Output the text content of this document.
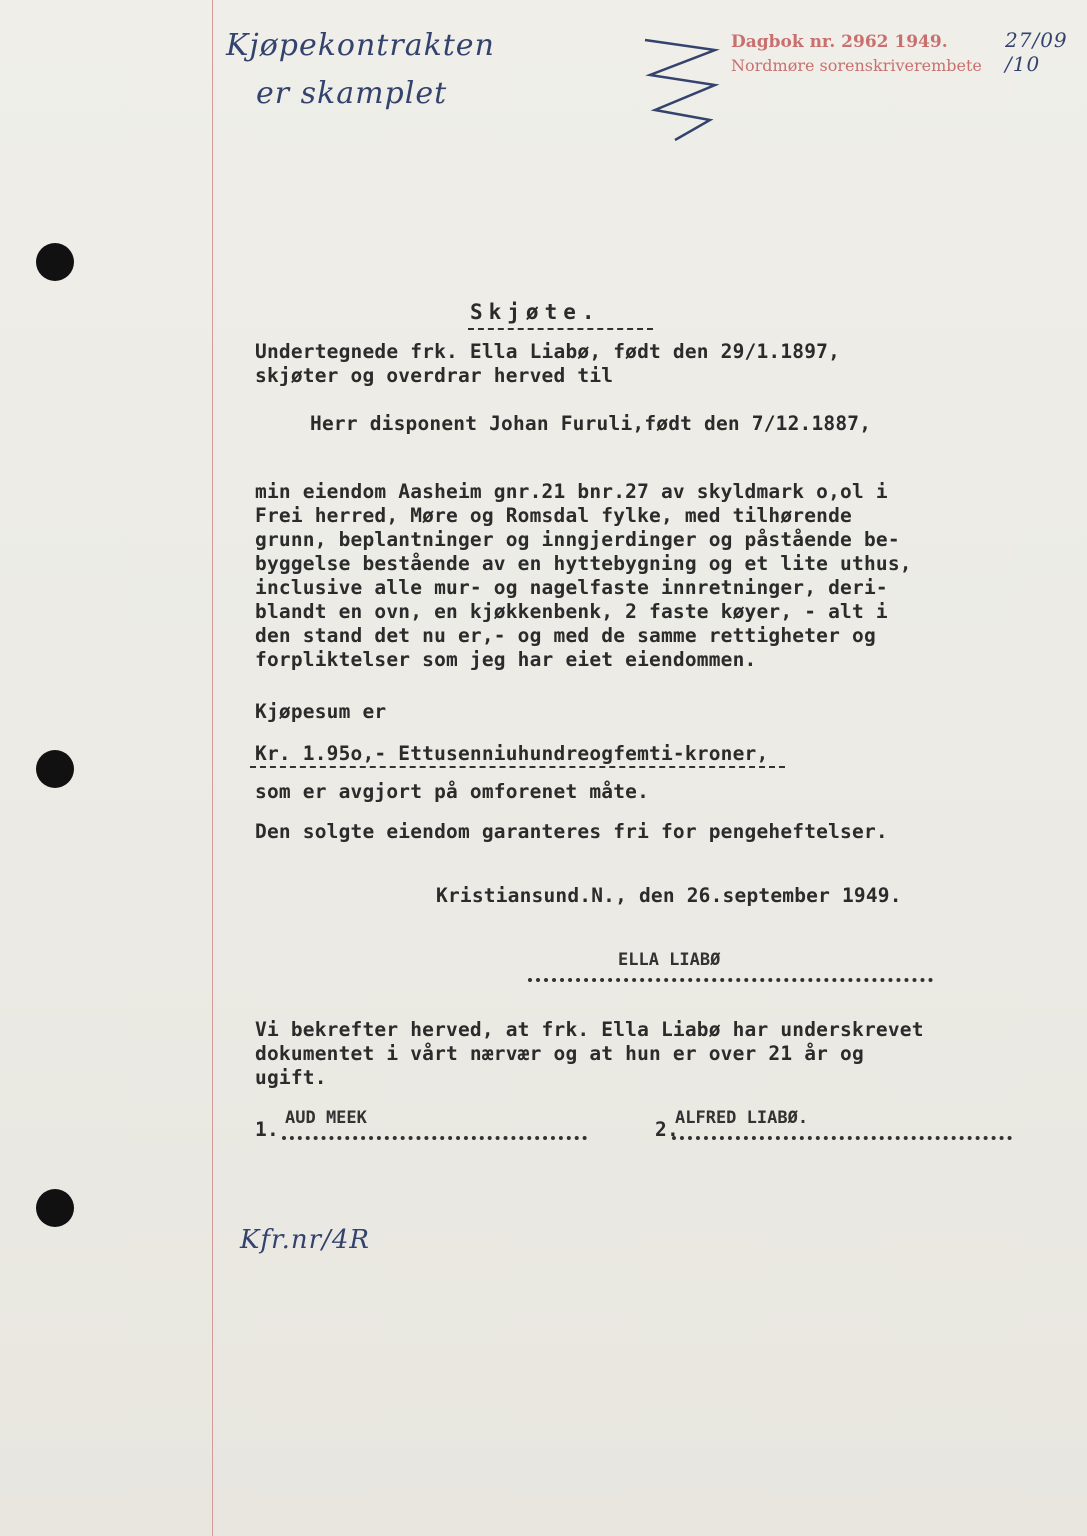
Kjøpekontrakten
er skamplet
Dagbok nr. 2962 1949.
Nordmøre sorenskriverembete
27/09 /10
Skjøte.
Undertegnede frk. Ella Liabø, født den 29/1.1897,
skjøter og overdrar herved til
Herr disponent Johan Furuli,født den 7/12.1887,
min eiendom Aasheim gnr.21 bnr.27 av skyldmark o,ol i
Frei herred, Møre og Romsdal fylke, med tilhørende
grunn, beplantninger og inngjerdinger og påstående be-
byggelse bestående av en hyttebygning og et lite uthus,
inclusive alle mur- og nagelfaste innretninger, deri-
blandt en ovn, en kjøkkenbenk, 2 faste køyer, - alt i
den stand det nu er,- og med de samme rettigheter og
forpliktelser som jeg har eiet eiendommen.
Kjøpesum er
Kr. 1.95o,- Ettusenniuhundreogfemti-kroner,
som er avgjort på omforenet måte.
Den solgte eiendom garanteres fri for pengeheftelser.
Kristiansund.N., den 26.september 1949.
ELLA LIABØ
Vi bekrefter herved, at frk. Ella Liabø har underskrevet
dokumentet i vårt nærvær og at hun er over 21 år og
ugift.
1. AUD MEEK	2.
ALFRED LIABØ.
Kfr.nr/4R
